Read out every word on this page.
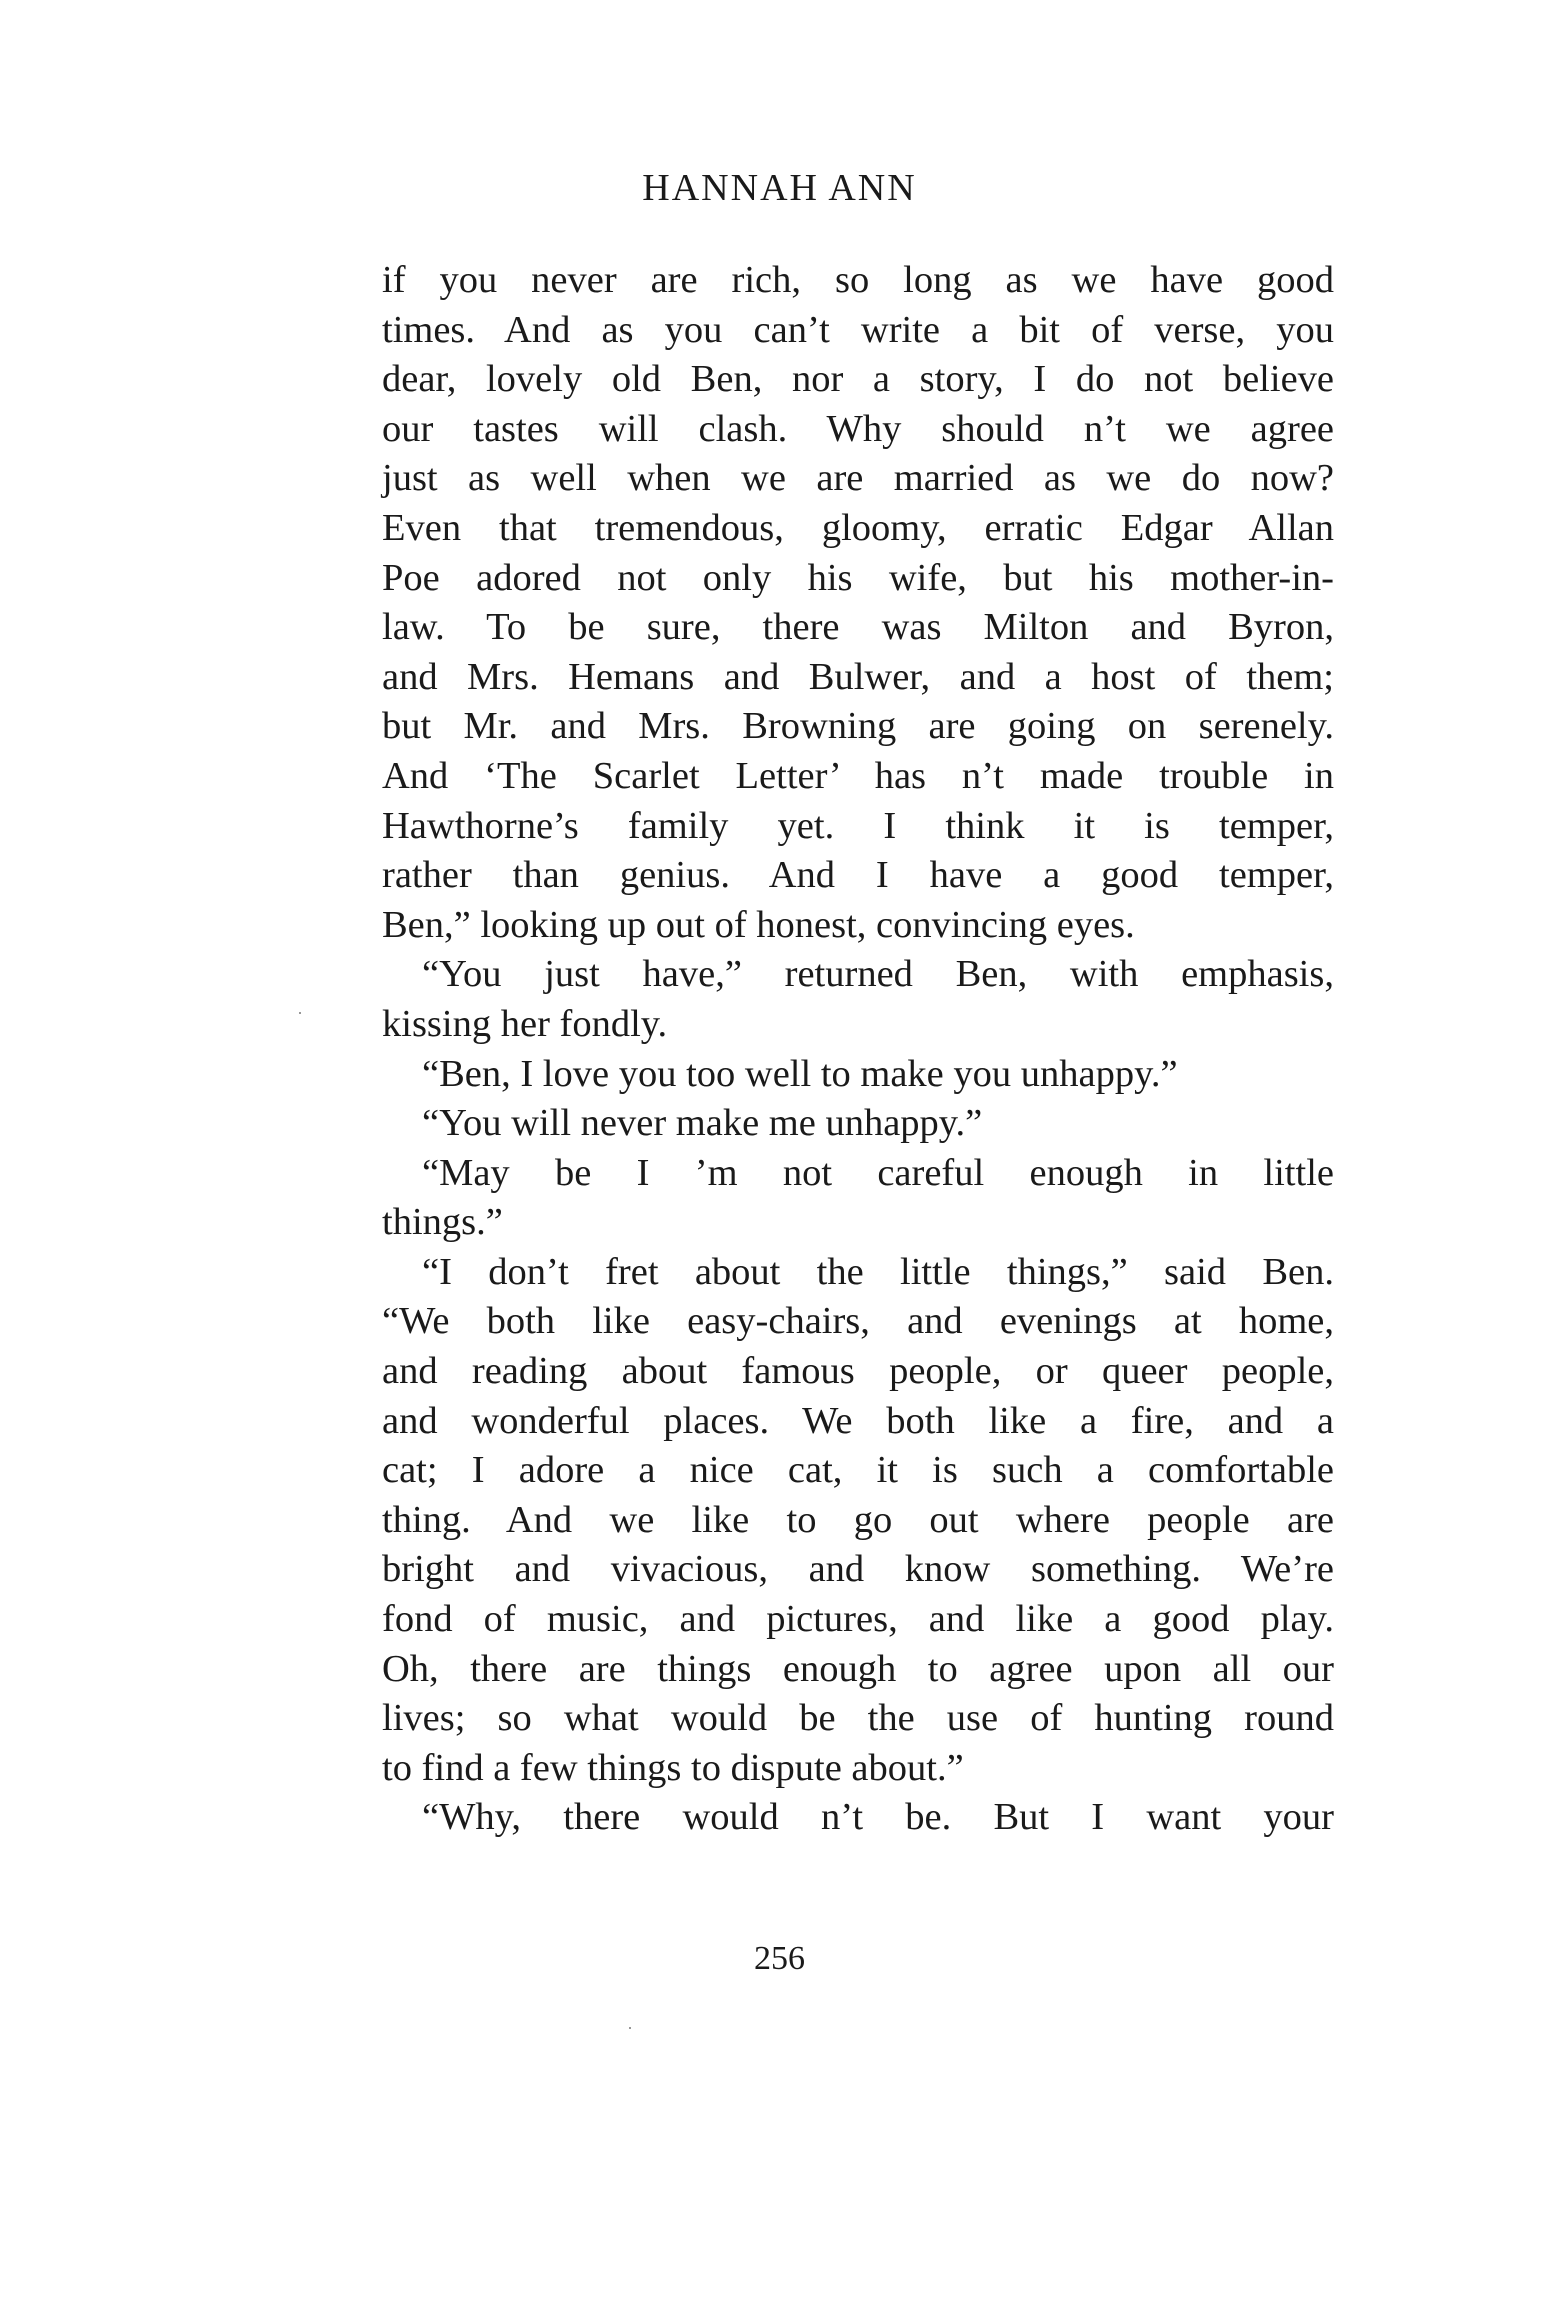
HANNAH ANN
if you never are rich, so long as we have good
times. And as you can’t write a bit of verse, you
dear, lovely old Ben, nor a story, I do not believe
our tastes will clash. Why should n’t we agree
just as well when we are married as we do now?
Even that tremendous, gloomy, erratic Edgar Allan
Poe adored not only his wife, but his mother-in-
law. To be sure, there was Milton and Byron,
and Mrs. Hemans and Bulwer, and a host of them;
but Mr. and Mrs. Browning are going on serenely.
And ‘The Scarlet Letter’ has n’t made trouble in
Hawthorne’s family yet. I think it is temper,
rather than genius. And I have a good temper,
Ben,” looking up out of honest, convincing eyes.
“You just have,” returned Ben, with emphasis,
kissing her fondly.
“Ben, I love you too well to make you unhappy.”
“You will never make me unhappy.”
“May be I ’m not careful enough in little
things.”
“I don’t fret about the little things,” said Ben.
“We both like easy-chairs, and evenings at home,
and reading about famous people, or queer people,
and wonderful places. We both like a fire, and a
cat; I adore a nice cat, it is such a comfortable
thing. And we like to go out where people are
bright and vivacious, and know something. We’re
fond of music, and pictures, and like a good play.
Oh, there are things enough to agree upon all our
lives; so what would be the use of hunting round
to find a few things to dispute about.”
“Why, there would n’t be. But I want your
256
